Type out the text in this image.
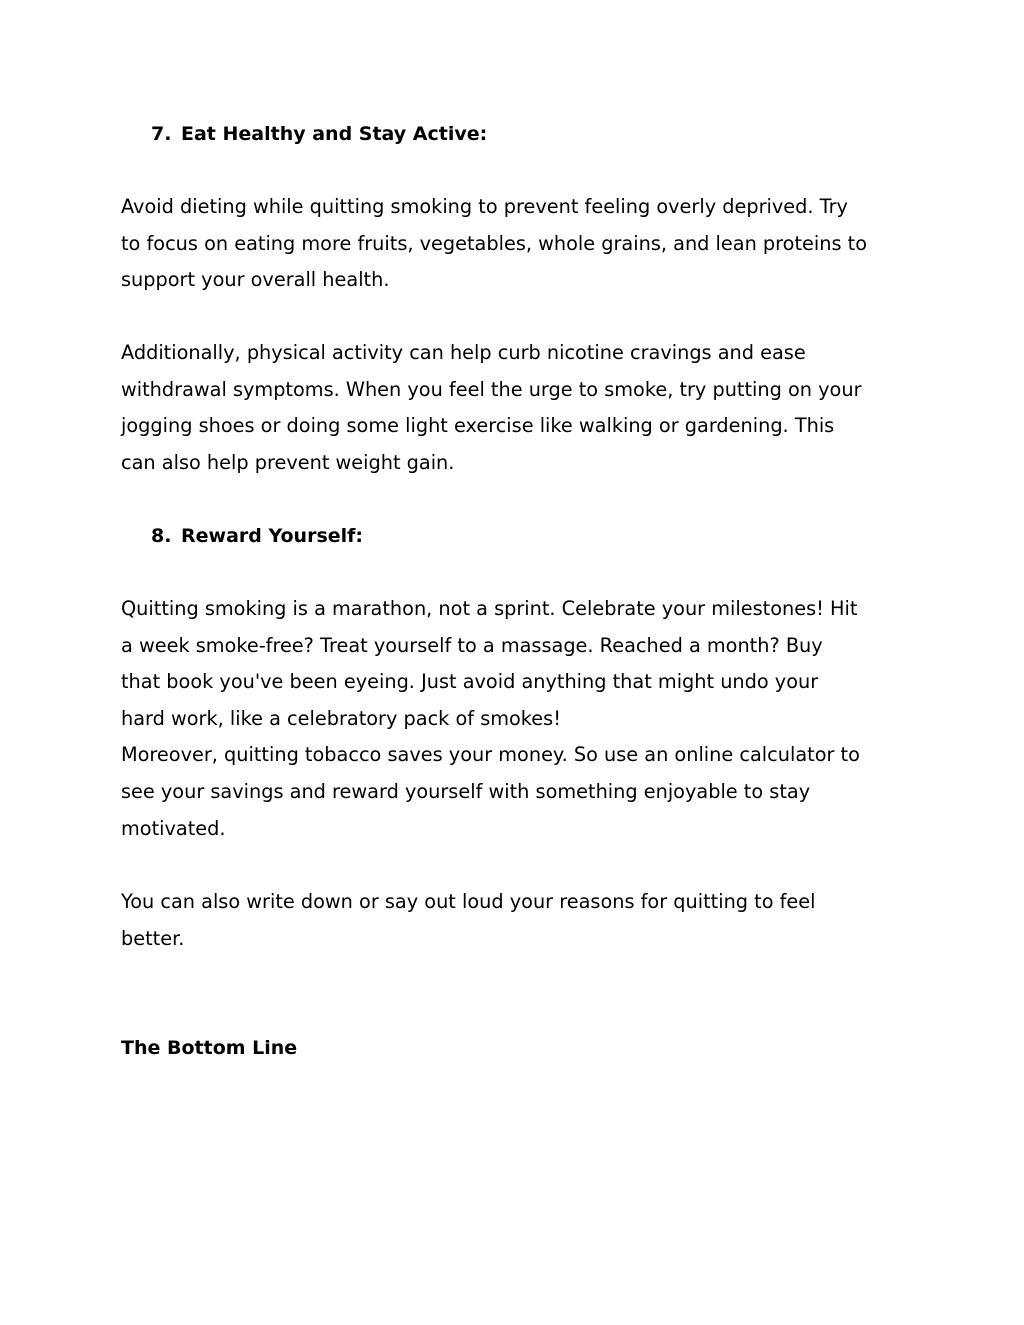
7. Eat Healthy and Stay Active:

Avoid dieting while quitting smoking to prevent feeling overly deprived. Try
to focus on eating more fruits, vegetables, whole grains, and lean proteins to
support your overall health.

Additionally, physical activity can help curb nicotine cravings and ease
withdrawal symptoms. When you feel the urge to smoke, try putting on your
jogging shoes or doing some light exercise like walking or gardening. This
can also help prevent weight gain.

8. Reward Yourself:

Quitting smoking is a marathon, not a sprint. Celebrate your milestones! Hit
a week smoke-free? Treat yourself to a massage. Reached a month? Buy
that book you've been eyeing. Just avoid anything that might undo your
hard work, like a celebratory pack of smokes!
Moreover, quitting tobacco saves your money. So use an online calculator to
see your savings and reward yourself with something enjoyable to stay
motivated.

You can also write down or say out loud your reasons for quitting to feel
better.

The Bottom Line
